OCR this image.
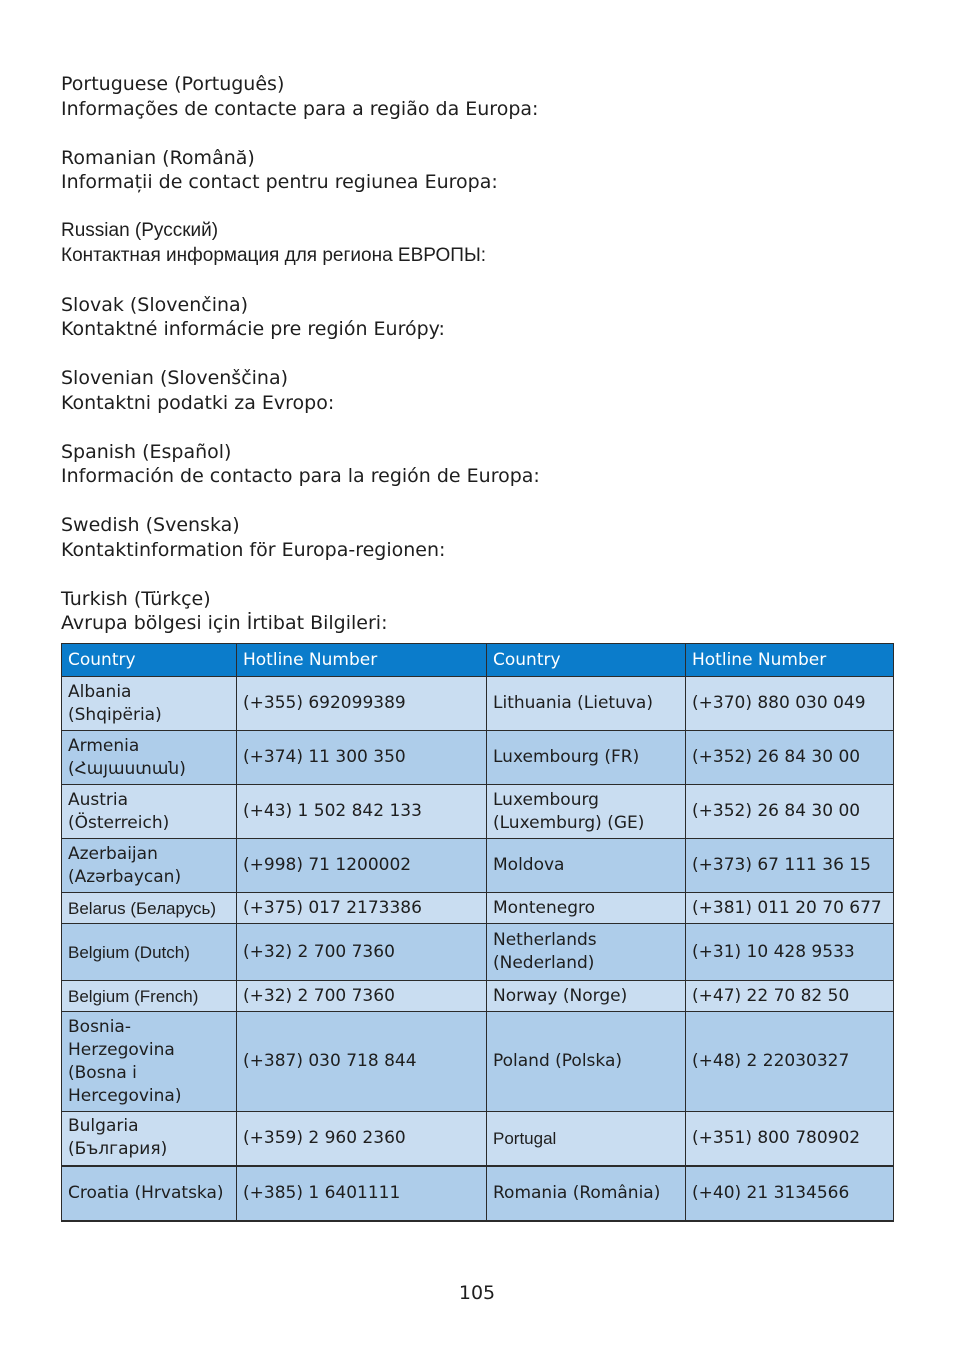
Portuguese (Português)
Informações de contacte para a região da Europa:
Romanian (Română)
Informații de contact pentru regiunea Europa:
Russian (Русский)
Контактная информация для региона ЕВРОПЫ:
Slovak (Slovenčina)
Kontaktné informácie pre región Európy:
Slovenian (Slovenščina)
Kontaktni podatki za Evropo:
Spanish (Español)
Información de contacto para la región de Europa:
Swedish (Svenska)
Kontaktinformation för Europa-regionen:
Turkish (Türkçe)
Avrupa bölgesi için İrtibat Bilgileri:
Country	Hotline Number	Country	Hotline Number
Albania (Shqipëria)	(+355) 692099389	Lithuania (Lietuva)	(+370) 880 030 049
Armenia (Հայաստան)	(+374) 11 300 350	Luxembourg (FR)	(+352) 26 84 30 00
Austria (Österreich)	(+43) 1 502 842 133	Luxembourg (Luxemburg) (GE)	(+352) 26 84 30 00
Azerbaijan (Azərbaycan)	(+998) 71 1200002	Moldova	(+373) 67 111 36 15
Belarus (Беларусь)	(+375) 017 2173386	Montenegro	(+381) 011 20 70 677
Belgium (Dutch)	(+32) 2 700 7360	Netherlands (Nederland)	(+31) 10 428 9533
Belgium (French)	(+32) 2 700 7360	Norway (Norge)	(+47) 22 70 82 50
Bosnia-Herzegovina (Bosna i Hercegovina)	(+387) 030 718 844	Poland (Polska)	(+48) 2 22030327
Bulgaria (България)	(+359) 2 960 2360	Portugal	(+351) 800 780902
Croatia (Hrvatska)	(+385) 1 6401111	Romania (România)	(+40) 21 3134566
105
